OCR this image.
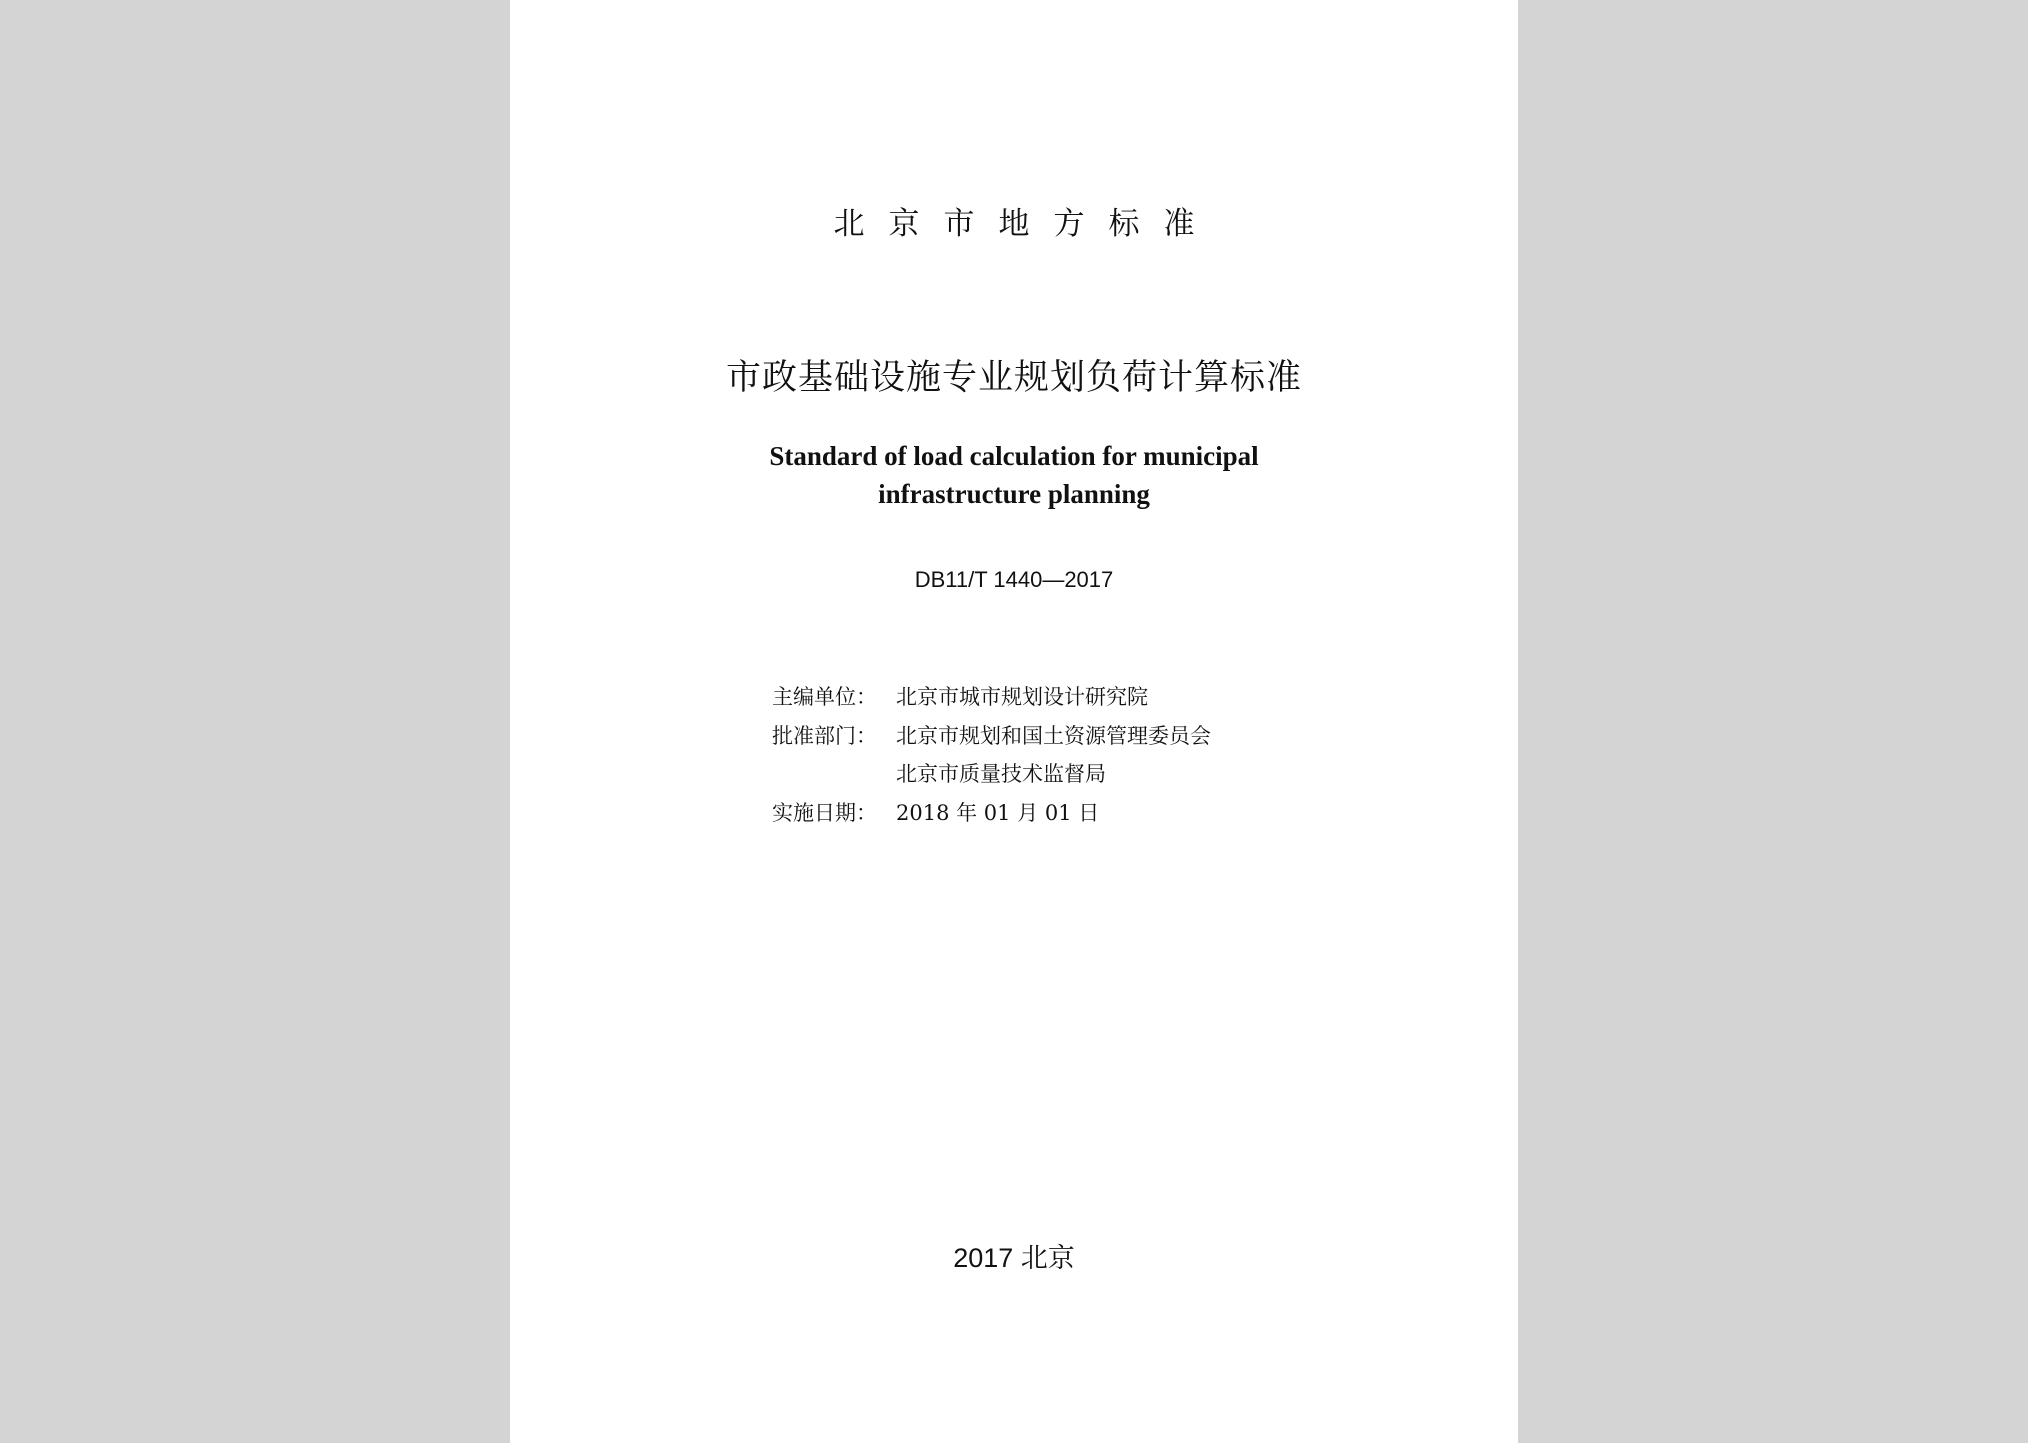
北京市地方标准
市政基础设施专业规划负荷计算标准
Standard of load calculation for municipal
infrastructure planning
DB11/T 1440—2017
主编单位： 北京市城市规划设计研究院
批准部门： 北京市规划和国土资源管理委员会
北京市质量技术监督局
实施日期： 2018 年 01 月 01 日
2017 北京
